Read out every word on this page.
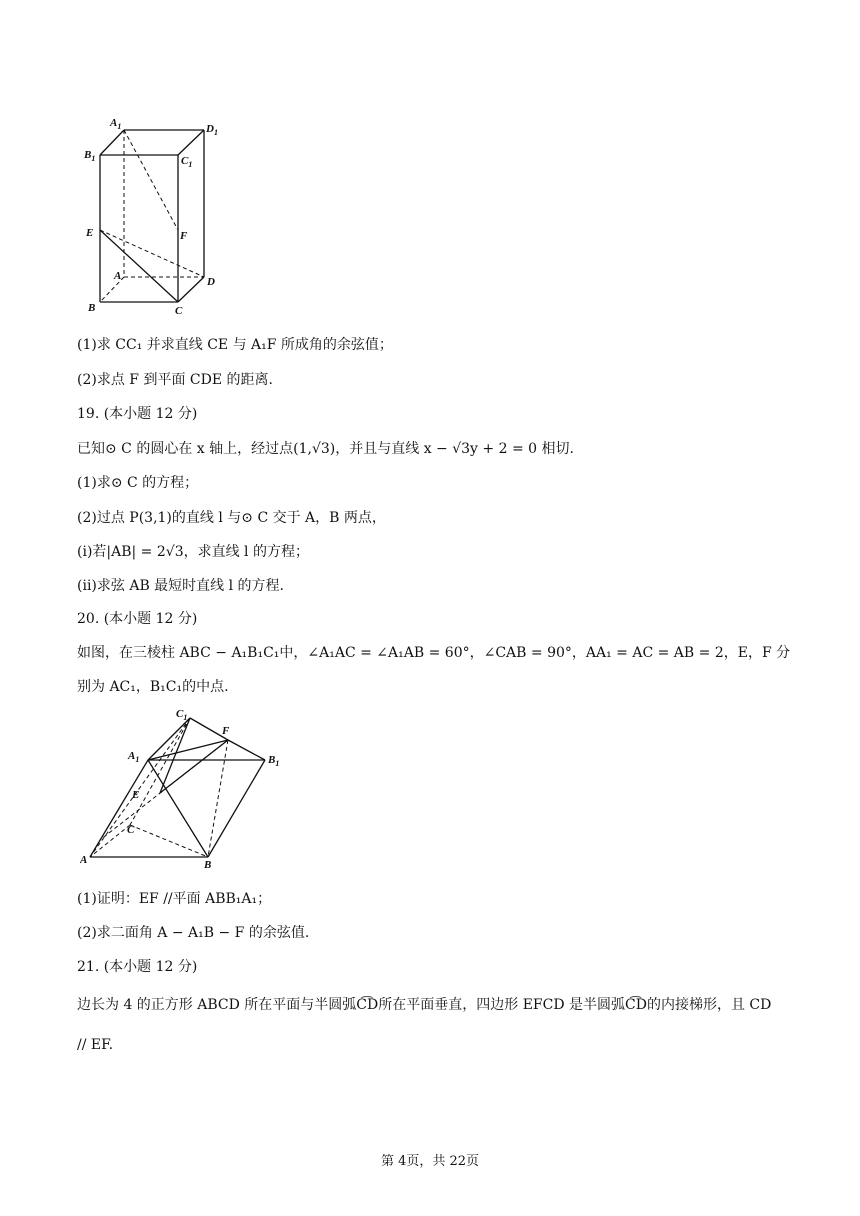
$A_1$	$D_1$
$B_1$	$C_1$
E	F
A	D
B	C
(1)求 CC₁ 并求直线 CE 与 A₁F 所成角的余弦值；
(2)求点 F 到平面 CDE 的距离.
19. (本小题 12 分)
已知⊙ C 的圆心在 x 轴上，经过点(1,√3)，并且与直线 x − √3y + 2 = 0 相切.
(1)求⊙ C 的方程；
(2)过点 P(3,1)的直线 l 与⊙ C 交于 A，B 两点，
(ⅰ)若|AB| = 2√3，求直线 l 的方程；
(ⅱ)求弦 AB 最短时直线 l 的方程.
20. (本小题 12 分)
如图，在三棱柱 ABC − A₁B₁C₁中，∠A₁AC = ∠A₁AB = 60°，∠CAB = 90°，AA₁ = AC = AB = 2，E，F 分
别为 AC₁，B₁C₁的中点.
$C_1$
F
$A_1$	$B_1$
E
C
A	B
(1)证明：EF //平面 ABB₁A₁；
(2)求二面角 A − A₁B − F 的余弦值.
21. (本小题 12 分)
边长为 4 的正方形 ABCD 所在平面与半圆弧C͡D所在平面垂直，四边形 EFCD 是半圆弧C͡D的内接梯形，且 CD
// EF.
第 4页，共 22页
